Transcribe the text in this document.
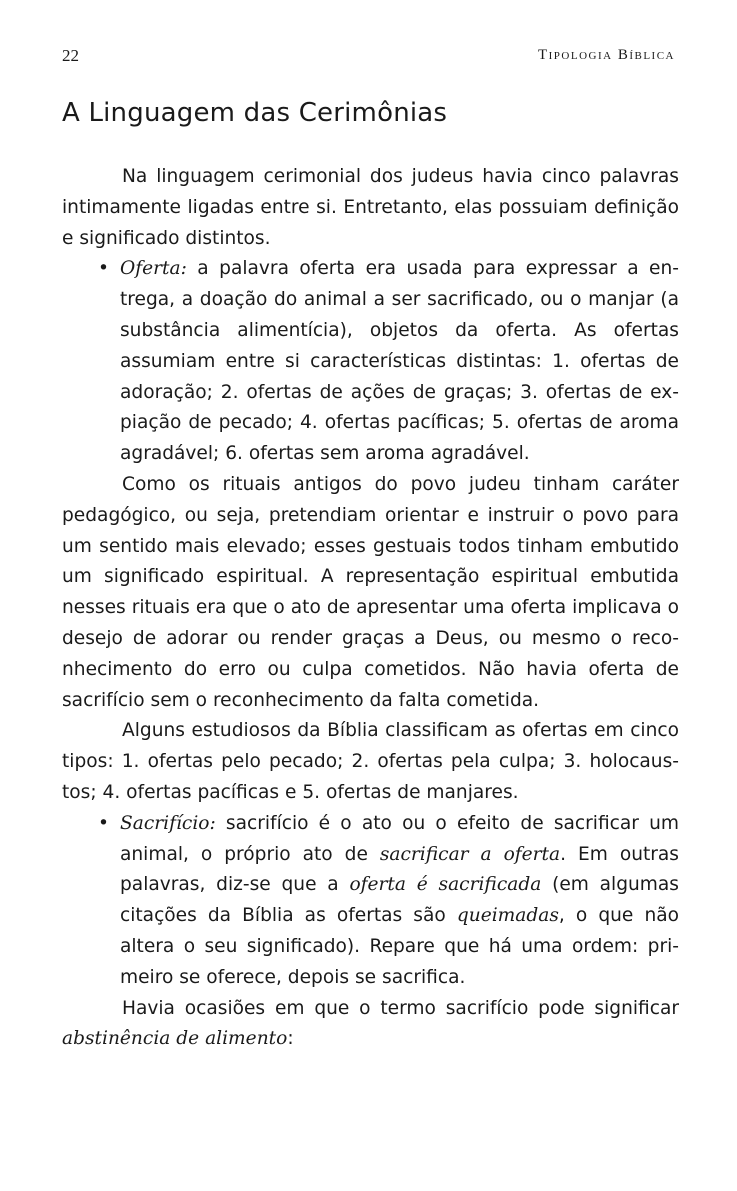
22	Tipologia Bíblica
A Linguagem das Cerimônias

Na linguagem cerimonial dos judeus havia cinco palavras intimamente ligadas entre si. Entretanto, elas possuiam definição e significado distintos.

• Oferta: a palavra oferta era usada para expressar a entrega, a doação do animal a ser sacrificado, ou o manjar (a substância alimentícia), objetos da oferta. As ofertas assumiam entre si características distintas: 1. ofertas de adoração; 2. ofertas de ações de graças; 3. ofertas de expiação de pecado; 4. ofertas pacíficas; 5. ofertas de aroma agradável; 6. ofertas sem aroma agradável.

Como os rituais antigos do povo judeu tinham caráter pedagógico, ou seja, pretendiam orientar e instruir o povo para um sentido mais elevado; esses gestuais todos tinham embutido um significado espiritual. A representação espiritual embutida nesses rituais era que o ato de apresentar uma oferta implicava o desejo de adorar ou render graças a Deus, ou mesmo o reconhecimento do erro ou culpa cometidos. Não havia oferta de sacrifício sem o reconhecimento da falta cometida.

Alguns estudiosos da Bíblia classificam as ofertas em cinco tipos: 1. ofertas pelo pecado; 2. ofertas pela culpa; 3. holocaustos; 4. ofertas pacíficas e 5. ofertas de manjares.

• Sacrifício: sacrifício é o ato ou o efeito de sacrificar um animal, o próprio ato de sacrificar a oferta. Em outras palavras, diz-se que a oferta é sacrificada (em algumas citações da Bíblia as ofertas são queimadas, o que não altera o seu significado). Repare que há uma ordem: primeiro se oferece, depois se sacrifica.

Havia ocasiões em que o termo sacrifício pode significar abstinência de alimento:
